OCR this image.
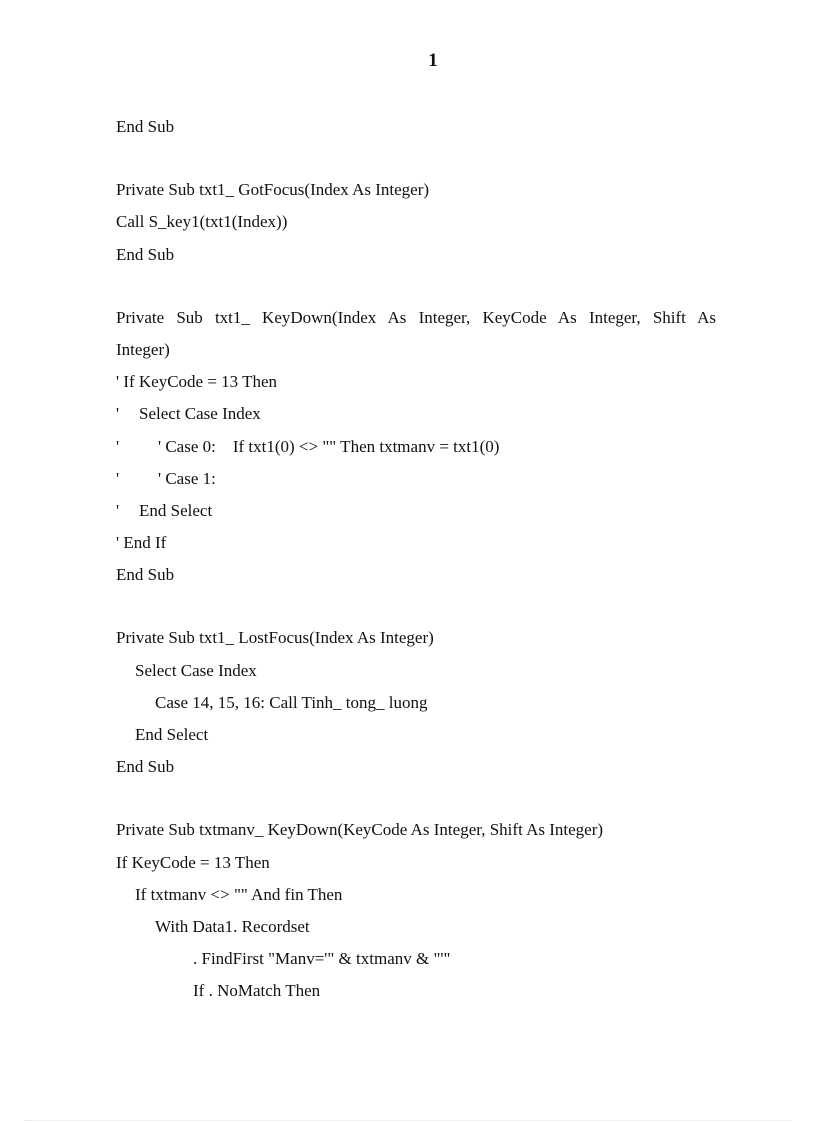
1
End Sub
Private Sub txt1_ GotFocus(Index As Integer)
Call S_key1(txt1(Index))
End Sub
Private Sub txt1_ KeyDown(Index As Integer, KeyCode As Integer, Shift As
Integer)
' If KeyCode = 13 Then
' Select Case Index
' ' Case 0: If txt1(0) <> "" Then txtmanv = txt1(0)
' ' Case 1:
' End Select
' End If
End Sub
Private Sub txt1_ LostFocus(Index As Integer)
Select Case Index
Case 14, 15, 16: Call Tinh_ tong_ luong
End Select
End Sub
Private Sub txtmanv_ KeyDown(KeyCode As Integer, Shift As Integer)
If KeyCode = 13 Then
If txtmanv <> "" And fin Then
With Data1. Recordset
. FindFirst "Manv='" & txtmanv & "'"
If . NoMatch Then
